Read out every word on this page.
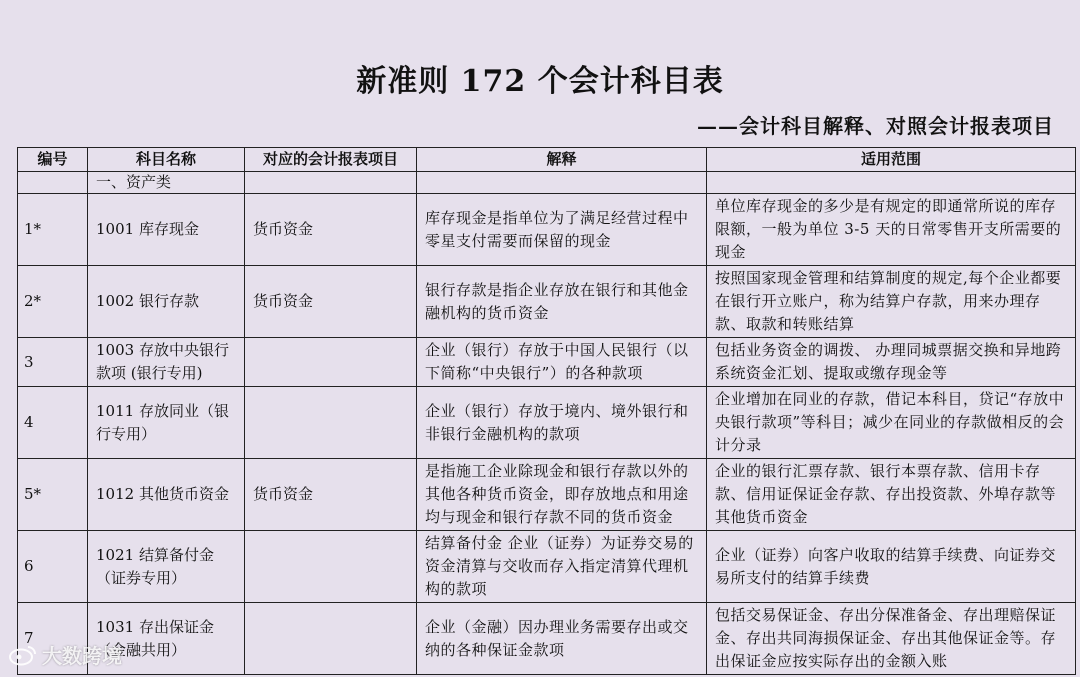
新准则 172 个会计科目表
——会计科目解释、对照会计报表项目
编号	科目名称	对应的会计报表项目	解释	适用范围
	一、资产类			
1*	1001 库存现金	货币资金	库存现金是指单位为了满足经营过程中零星支付需要而保留的现金	单位库存现金的多少是有规定的即通常所说的库存限额，一般为单位 3-5 天的日常零售开支所需要的现金
2*	1002 银行存款	货币资金	银行存款是指企业存放在银行和其他金融机构的货币资金	按照国家现金管理和结算制度的规定,每个企业都要在银行开立账户，称为结算户存款，用来办理存款、取款和转账结算
3	1003 存放中央银行款项 (银行专用)		企业（银行）存放于中国人民银行（以下简称“中央银行”）的各种款项	包括业务资金的调拨、 办理同城票据交换和异地跨系统资金汇划、提取或缴存现金等
4	1011 存放同业（银行专用）		企业（银行）存放于境内、境外银行和非银行金融机构的款项	企业增加在同业的存款，借记本科目，贷记“存放中央银行款项”等科目；减少在同业的存款做相反的会计分录
5*	1012 其他货币资金	货币资金	是指施工企业除现金和银行存款以外的其他各种货币资金，即存放地点和用途均与现金和银行存款不同的货币资金	企业的银行汇票存款、银行本票存款、信用卡存款、信用证保证金存款、存出投资款、外埠存款等其他货币资金
6	1021 结算备付金（证券专用）		结算备付金 企业（证券）为证券交易的资金清算与交收而存入指定清算代理机构的款项	企业（证券）向客户收取的结算手续费、向证券交易所支付的结算手续费
7	1031 存出保证金（金融共用）		企业（金融）因办理业务需要存出或交纳的各种保证金款项	包括交易保证金、存出分保准备金、存出理赔保证金、存出共同海损保证金、存出其他保证金等。存出保证金应按实际存出的金额入账
大数跨境
